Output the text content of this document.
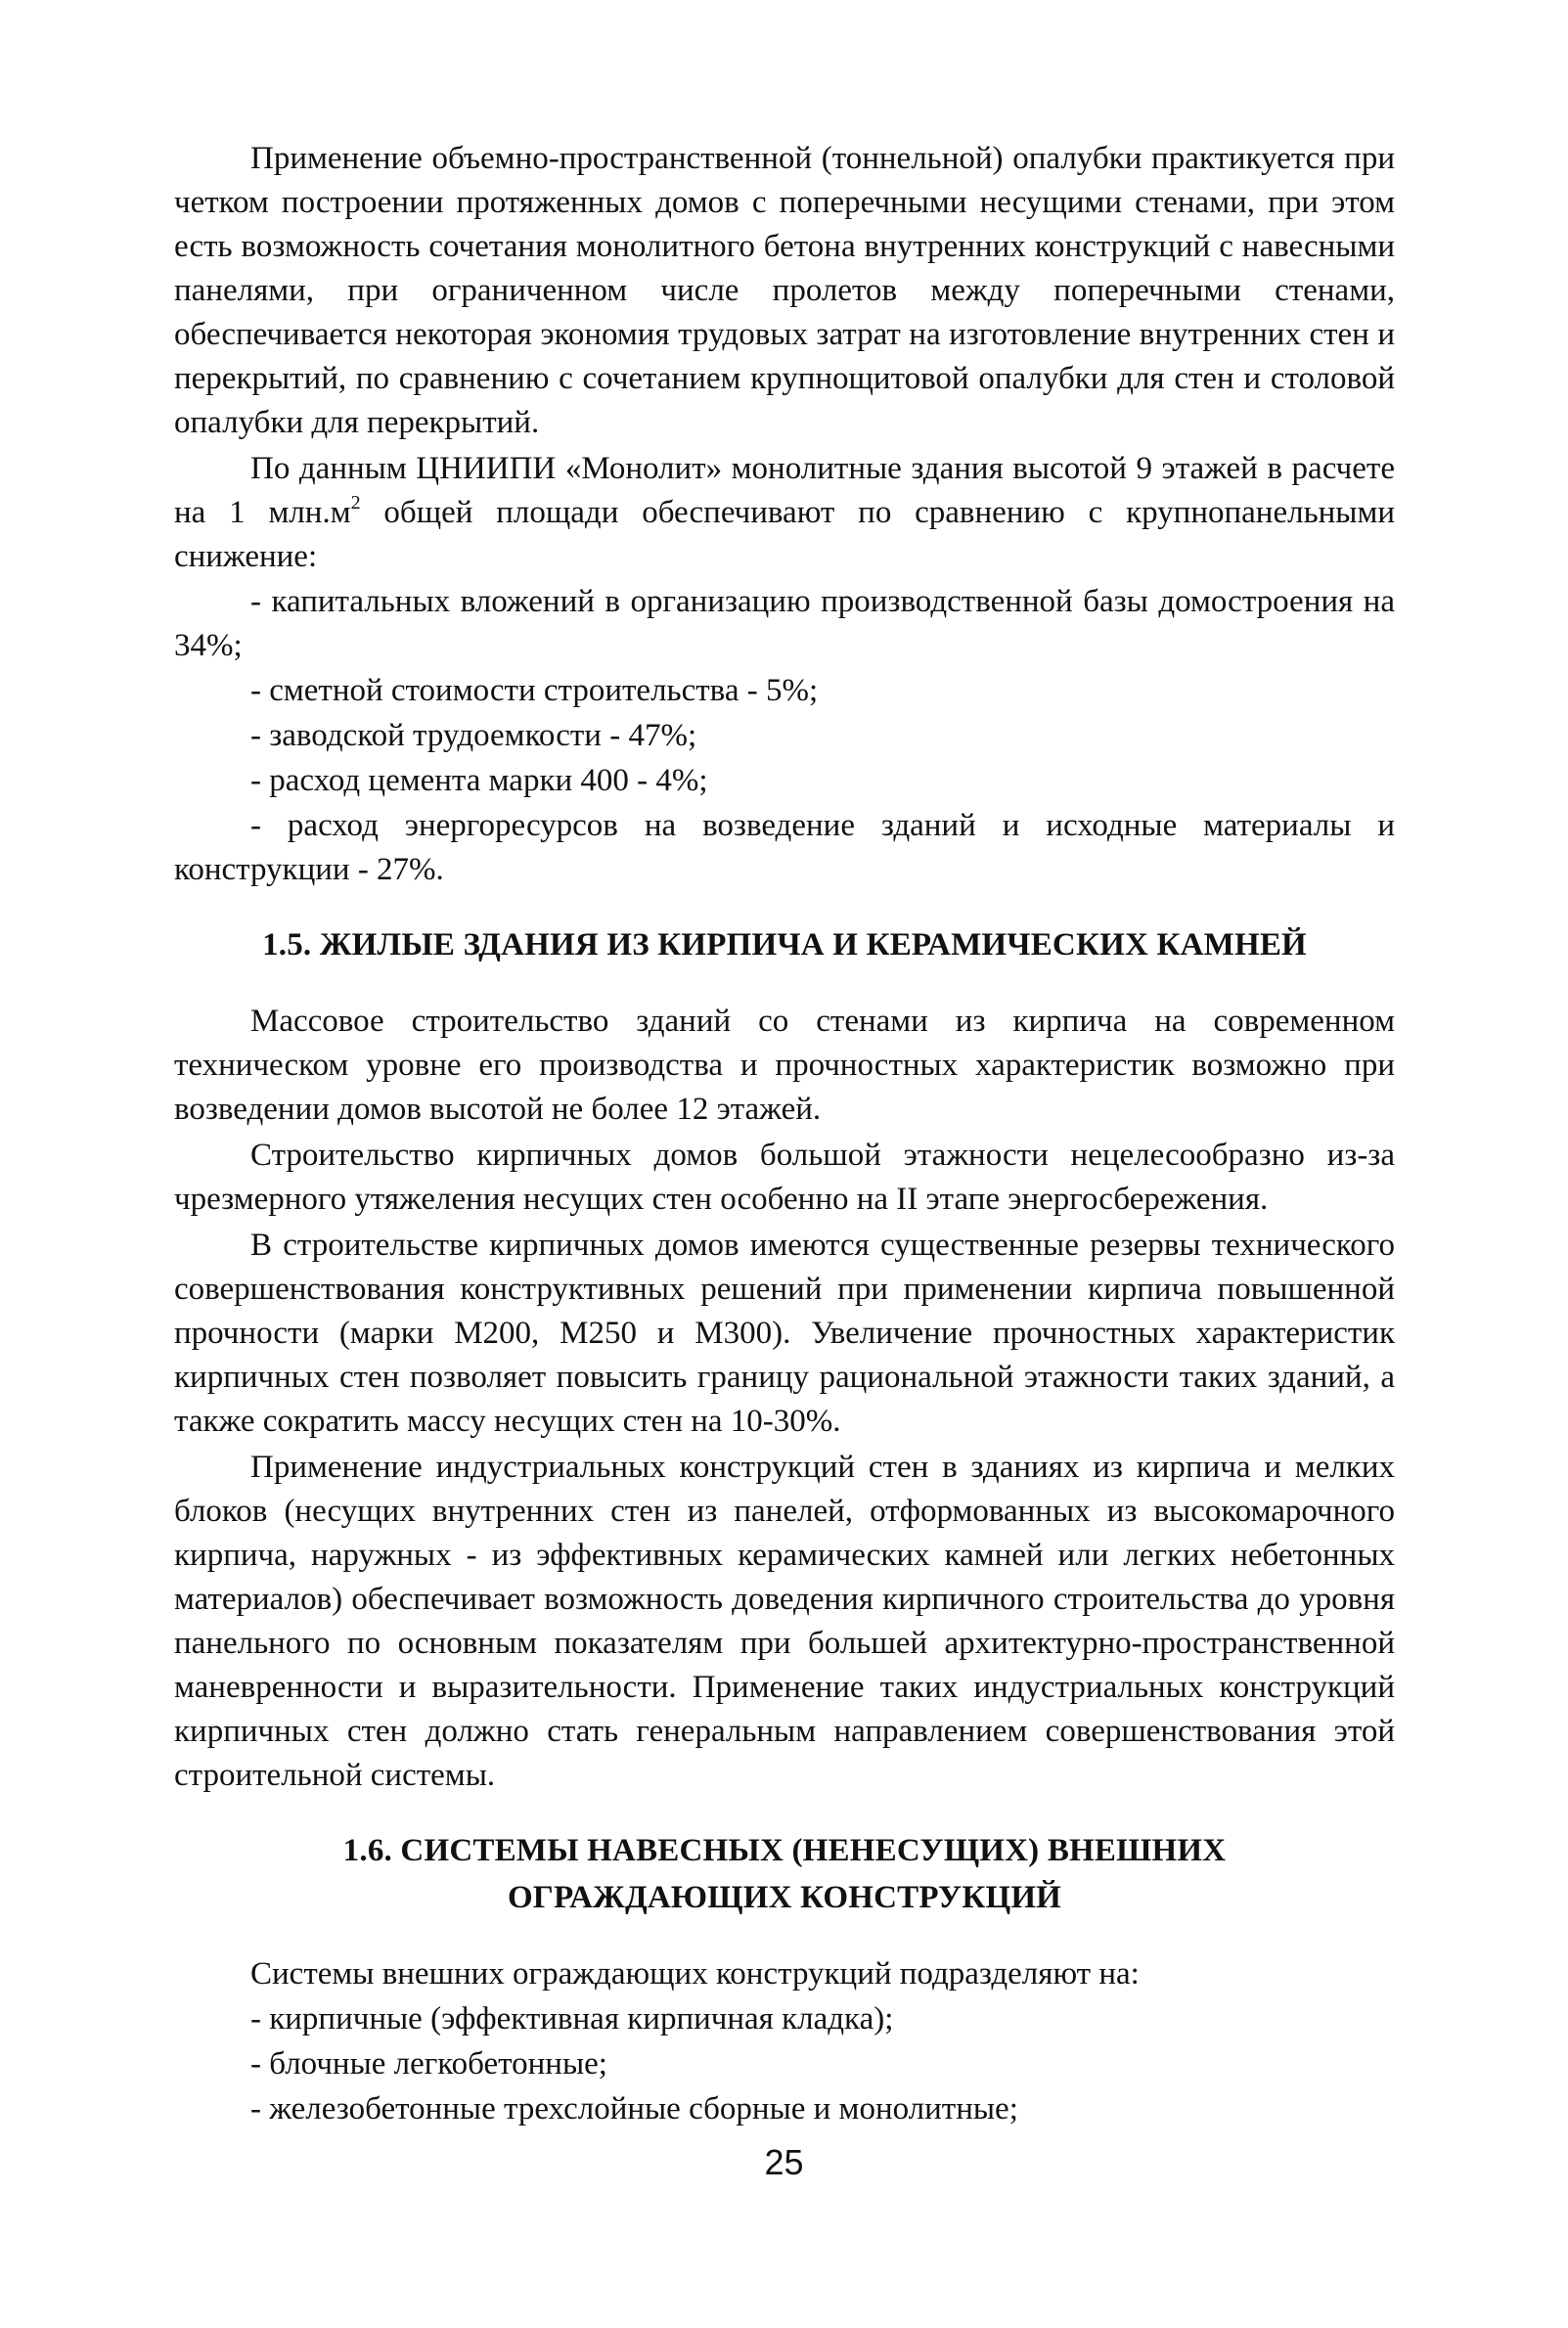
Применение объемно-пространственной (тоннельной) опалубки практикуется при четком построении протяженных домов с поперечными несущими стенами, при этом есть возможность сочетания монолитного бетона внутренних конструкций с навесными панелями, при ограниченном числе пролетов между поперечными стенами, обеспечивается некоторая экономия трудовых затрат на изготовление внутренних стен и перекрытий, по сравнению с сочетанием крупнощитовой опалубки для стен и столовой опалубки для перекрытий.

По данным ЦНИИПИ «Монолит» монолитные здания высотой 9 этажей в расчете на 1 $млн.м^2$ общей площади обеспечивают по сравнению с крупнопанельными снижение:

- капитальных вложений в организацию производственной базы домостроения на 34%;

- сметной стоимости строительства - 5%;

- заводской трудоемкости - 47%;

- расход цемента марки 400 - 4%;

- расход энергоресурсов на возведение зданий и исходные материалы и конструкции - 27%.

1.5. ЖИЛЫЕ ЗДАНИЯ ИЗ КИРПИЧА И КЕРАМИЧЕСКИХ КАМНЕЙ

Массовое строительство зданий со стенами из кирпича на современном техническом уровне его производства и прочностных характеристик возможно при возведении домов высотой не более 12 этажей.

Строительство кирпичных домов большой этажности нецелесообразно из-за чрезмерного утяжеления несущих стен особенно на II этапе энергосбережения.

В строительстве кирпичных домов имеются существенные резервы технического совершенствования конструктивных решений при применении кирпича повышенной прочности (марки М200, М250 и М300). Увеличение прочностных характеристик кирпичных стен позволяет повысить границу рациональной этажности таких зданий, а также сократить массу несущих стен на 10-30%.

Применение индустриальных конструкций стен в зданиях из кирпича и мелких блоков (несущих внутренних стен из панелей, отформованных из высокомарочного кирпича, наружных - из эффективных керамических камней или легких небетонных материалов) обеспечивает возможность доведения кирпичного строительства до уровня панельного по основным показателям при большей архитектурно-пространственной маневренности и выразительности. Применение таких индустриальных конструкций кирпичных стен должно стать генеральным направлением совершенствования этой строительной системы.

1.6. СИСТЕМЫ НАВЕСНЫХ (НЕНЕСУЩИХ) ВНЕШНИХ
ОГРАЖДАЮЩИХ КОНСТРУКЦИЙ

Системы внешних ограждающих конструкций подразделяют на:

- кирпичные (эффективная кирпичная кладка);

- блочные легкобетонные;

- железобетонные трехслойные сборные и монолитные;

25
